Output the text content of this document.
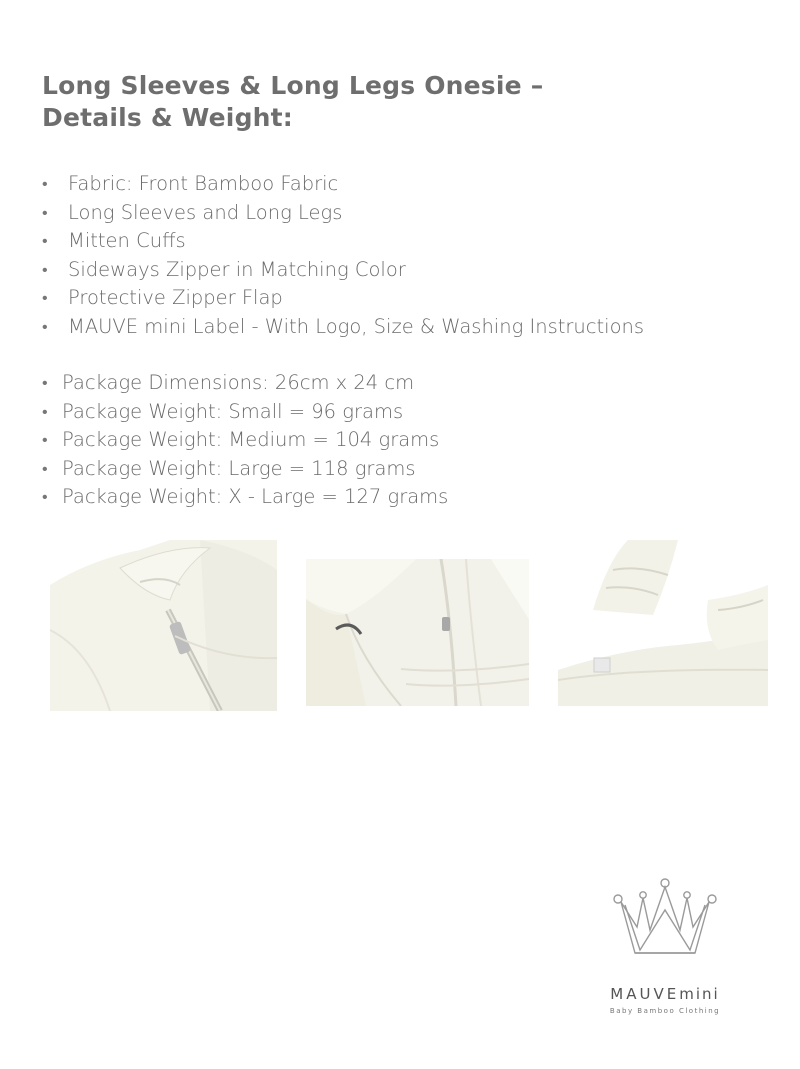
Long Sleeves & Long Legs Onesie –
Details & Weight:
• Fabric: Front Bamboo Fabric
• Long Sleeves and Long Legs
• Mitten Cuffs
• Sideways Zipper in Matching Color
• Protective Zipper Flap
• MAUVE mini Label - With Logo, Size & Washing Instructions
• Package Dimensions: 26cm x 24 cm
• Package Weight: Small = 96 grams
• Package Weight: Medium = 104 grams
• Package Weight: Large = 118 grams
• Package Weight: X - Large = 127 grams
MAUVEmini
Baby Bamboo Clothing
